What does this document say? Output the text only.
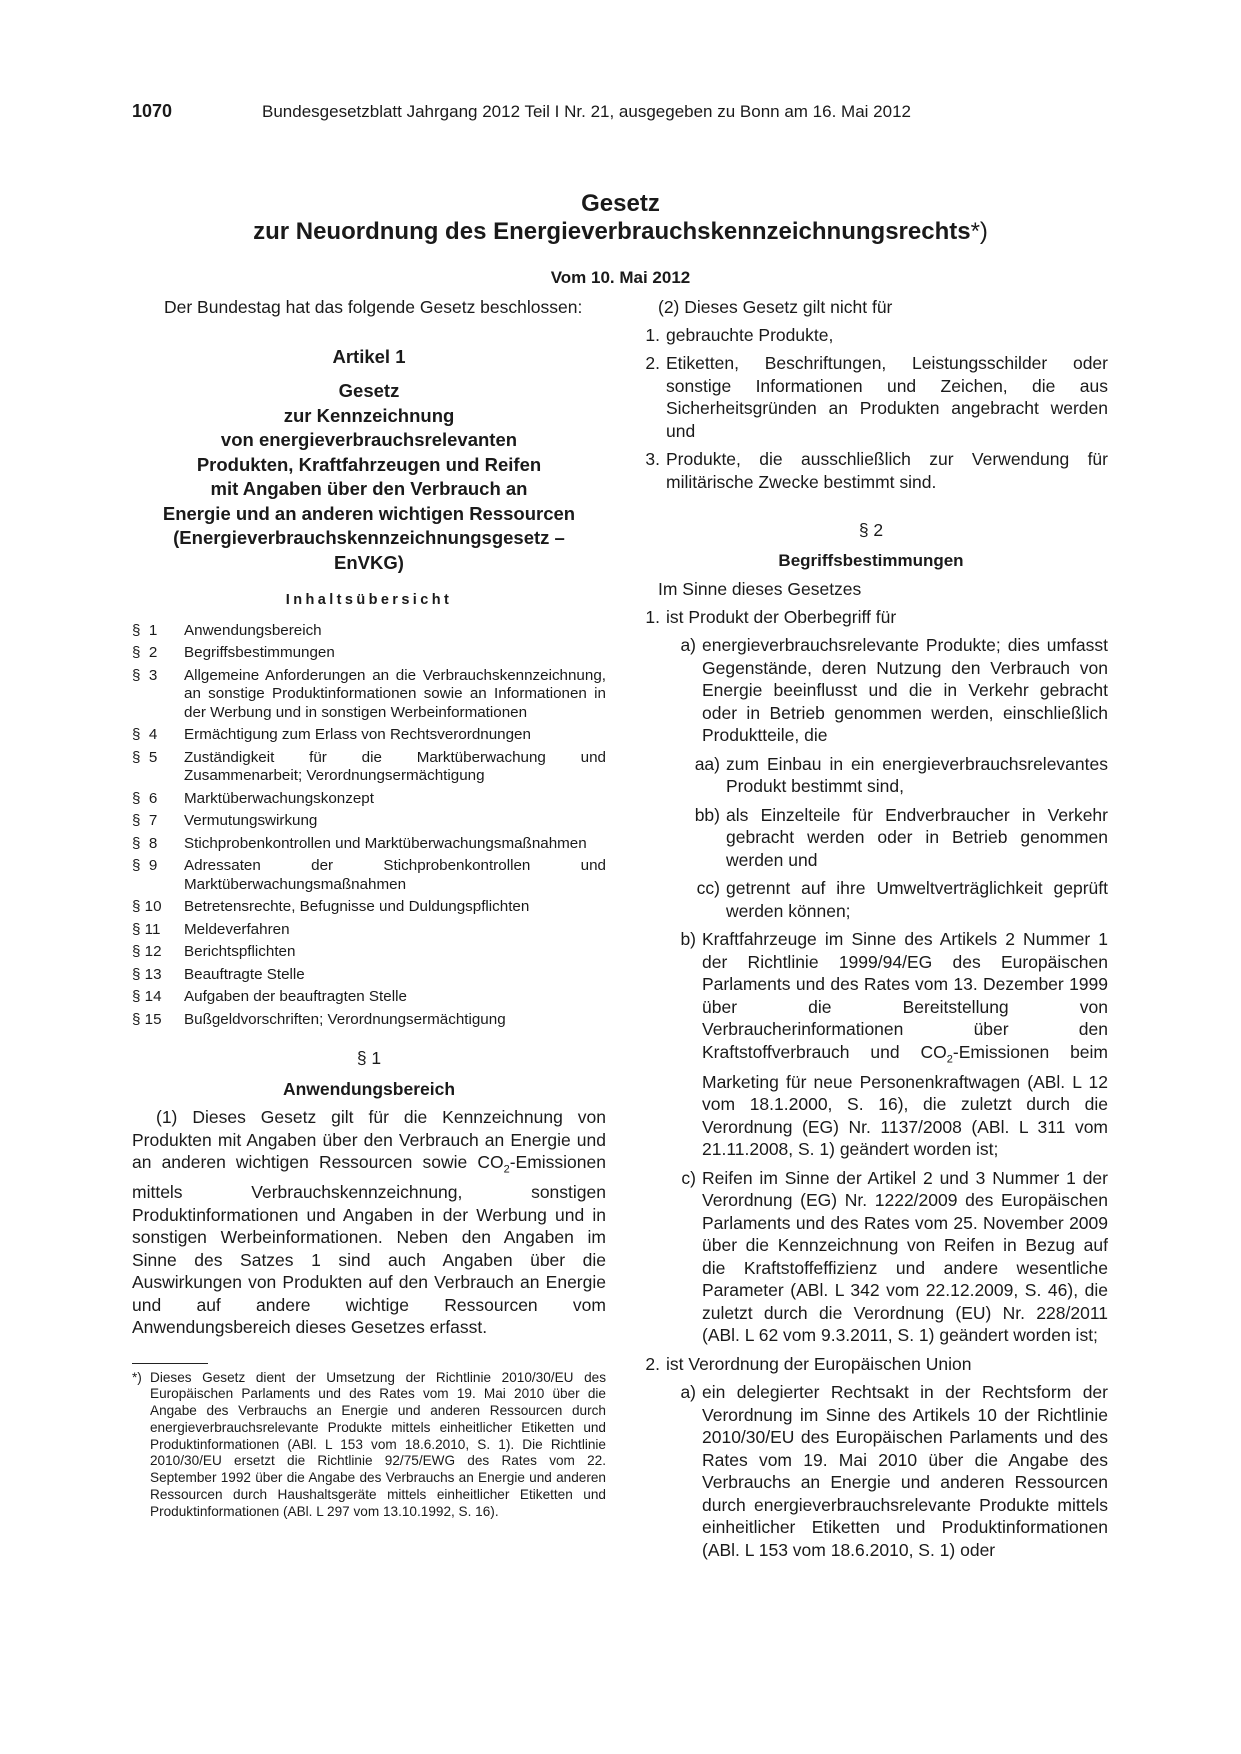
1070	Bundesgesetzblatt Jahrgang 2012 Teil I Nr. 21, ausgegeben zu Bonn am 16. Mai 2012
Gesetz
zur Neuordnung des Energieverbrauchskennzeichnungsrechts*)
Vom 10. Mai 2012

Der Bundestag hat das folgende Gesetz beschlossen:

Artikel 1
Gesetz
zur Kennzeichnung
von energieverbrauchsrelevanten
Produkten, Kraftfahrzeugen und Reifen
mit Angaben über den Verbrauch an
Energie und an anderen wichtigen Ressourcen
(Energieverbrauchskennzeichnungsgesetz –
EnVKG)
Inhaltsübersicht
§  1	Anwendungsbereich
§  2	Begriffsbestimmungen
§  3	Allgemeine Anforderungen an die Verbrauchskennzeichnung, an sonstige Produktinformationen sowie an Informationen in der Werbung und in sonstigen Werbeinformationen
§  4	Ermächtigung zum Erlass von Rechtsverordnungen
§  5	Zuständigkeit für die Marktüberwachung und Zusammenarbeit; Verordnungsermächtigung
§  6	Marktüberwachungskonzept
§  7	Vermutungswirkung
§  8	Stichprobenkontrollen und Marktüberwachungsmaßnahmen
§  9	Adressaten der Stichprobenkontrollen und Marktüberwachungsmaßnahmen
§ 10	Betretensrechte, Befugnisse und Duldungspflichten
§ 11	Meldeverfahren
§ 12	Berichtspflichten
§ 13	Beauftragte Stelle
§ 14	Aufgaben der beauftragten Stelle
§ 15	Bußgeldvorschriften; Verordnungsermächtigung
§ 1
Anwendungsbereich

(1) Dieses Gesetz gilt für die Kennzeichnung von Produkten mit Angaben über den Verbrauch an Energie und an anderen wichtigen Ressourcen sowie $CO_2$-Emissionen mittels Verbrauchskennzeichnung, sonstigen Produktinformationen und Angaben in der Werbung und in sonstigen Werbeinformationen. Neben den Angaben im Sinne des Satzes 1 sind auch Angaben über die Auswirkungen von Produkten auf den Verbrauch an Energie und auf andere wichtige Ressourcen vom Anwendungsbereich dieses Gesetzes erfasst.

*) Dieses Gesetz dient der Umsetzung der Richtlinie 2010/30/EU des Europäischen Parlaments und des Rates vom 19. Mai 2010 über die Angabe des Verbrauchs an Energie und anderen Ressourcen durch energieverbrauchsrelevante Produkte mittels einheitlicher Etiketten und Produktinformationen (ABl. L 153 vom 18.6.2010, S. 1). Die Richtlinie 2010/30/EU ersetzt die Richtlinie 92/75/EWG des Rates vom 22. September 1992 über die Angabe des Verbrauchs an Energie und anderen Ressourcen durch Haushaltsgeräte mittels einheitlicher Etiketten und Produktinformationen (ABl. L 297 vom 13.10.1992, S. 16).

(2) Dieses Gesetz gilt nicht für

1. gebrauchte Produkte,
2. Etiketten, Beschriftungen, Leistungsschilder oder sonstige Informationen und Zeichen, die aus Sicherheitsgründen an Produkten angebracht werden und
3. Produkte, die ausschließlich zur Verwendung für militärische Zwecke bestimmt sind.
§ 2
Begriffsbestimmungen

Im Sinne dieses Gesetzes

1. ist Produkt der Oberbegriff für
a) energieverbrauchsrelevante Produkte; dies umfasst Gegenstände, deren Nutzung den Verbrauch von Energie beeinflusst und die in Verkehr gebracht oder in Betrieb genommen werden, einschließlich Produktteile, die
aa) zum Einbau in ein energieverbrauchsrelevantes Produkt bestimmt sind,
bb) als Einzelteile für Endverbraucher in Verkehr gebracht werden oder in Betrieb genommen werden und
cc) getrennt auf ihre Umweltverträglichkeit geprüft werden können;
b) Kraftfahrzeuge im Sinne des Artikels 2 Nummer 1 der Richtlinie 1999/94/EG des Europäischen Parlaments und des Rates vom 13. Dezember 1999 über die Bereitstellung von Verbraucherinformationen über den Kraftstoffverbrauch und $CO_2$-Emissionen beim Marketing für neue Personenkraftwagen (ABl. L 12 vom 18.1.2000, S. 16), die zuletzt durch die Verordnung (EG) Nr. 1137/2008 (ABl. L 311 vom 21.11.2008, S. 1) geändert worden ist;
c) Reifen im Sinne der Artikel 2 und 3 Nummer 1 der Verordnung (EG) Nr. 1222/2009 des Europäischen Parlaments und des Rates vom 25. November 2009 über die Kennzeichnung von Reifen in Bezug auf die Kraftstoffeffizienz und andere wesentliche Parameter (ABl. L 342 vom 22.12.2009, S. 46), die zuletzt durch die Verordnung (EU) Nr. 228/2011 (ABl. L 62 vom 9.3.2011, S. 1) geändert worden ist;
2. ist Verordnung der Europäischen Union
a) ein delegierter Rechtsakt in der Rechtsform der Verordnung im Sinne des Artikels 10 der Richtlinie 2010/30/EU des Europäischen Parlaments und des Rates vom 19. Mai 2010 über die Angabe des Verbrauchs an Energie und anderen Ressourcen durch energieverbrauchsrelevante Produkte mittels einheitlicher Etiketten und Produktinformationen (ABl. L 153 vom 18.6.2010, S. 1) oder
